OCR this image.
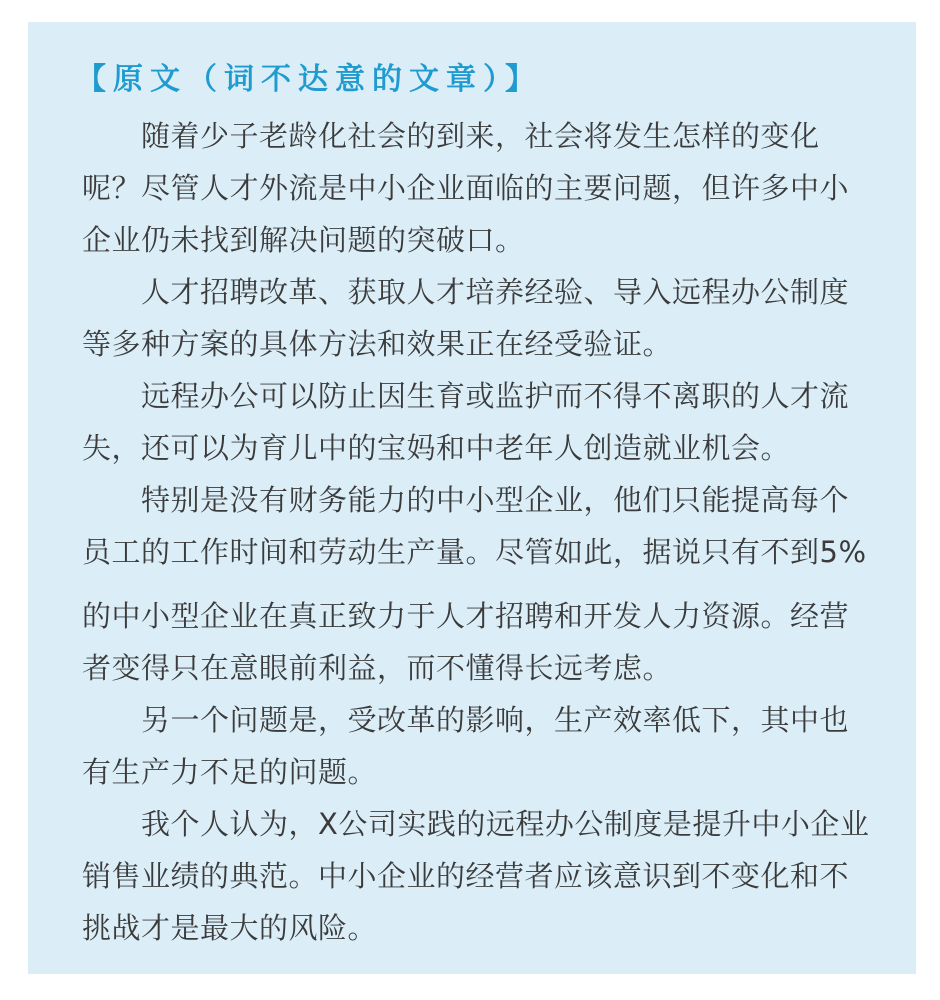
【原文（词不达意的文章）】
随着少子老龄化社会的到来，社会将发生怎样的变化
呢？尽管人才外流是中小企业面临的主要问题，但许多中小
企业仍未找到解决问题的突破口。
人才招聘改革、获取人才培养经验、导入远程办公制度
等多种方案的具体方法和效果正在经受验证。
远程办公可以防止因生育或监护而不得不离职的人才流
失，还可以为育儿中的宝妈和中老年人创造就业机会。
特别是没有财务能力的中小型企业，他们只能提高每个
员工的工作时间和劳动生产量。尽管如此，据说只有不到5%
的中小型企业在真正致力于人才招聘和开发人力资源。经营
者变得只在意眼前利益，而不懂得长远考虑。
另一个问题是，受改革的影响，生产效率低下，其中也
有生产力不足的问题。
我个人认为，X公司实践的远程办公制度是提升中小企业
销售业绩的典范。中小企业的经营者应该意识到不变化和不
挑战才是最大的风险。
